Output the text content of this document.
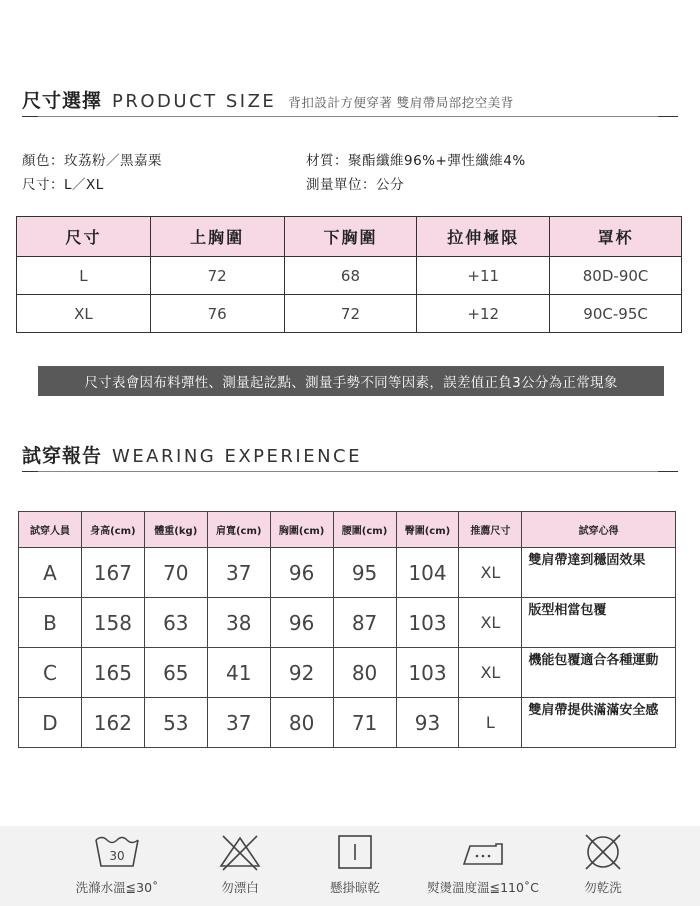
尺寸選擇 PRODUCT SIZE 背扣設計方便穿著 雙肩帶局部挖空美背
顏色：玫荔粉／黑嘉栗
尺寸：L／XL
材質：聚酯纖維96%+彈性纖維4%
測量單位：公分
尺寸	上胸圍	下胸圍	拉伸極限	罩杯
L	72	68	+11	80D-90C
XL	76	72	+12	90C-95C
尺寸表會因布料彈性、測量起訖點、測量手勢不同等因素，誤差值正負3公分為正常現象
試穿報告 WEARING EXPERIENCE
試穿人員	身高(cm)	體重(kg)	肩寬(cm)	胸圍(cm)	腰圍(cm)	臀圍(cm)	推薦尺寸	試穿心得
A	167	70	37	96	95	104	XL	雙肩帶達到穩固效果
B	158	63	38	96	87	103	XL	版型相當包覆
C	165	65	41	92	80	103	XL	機能包覆適合各種運動
D	162	53	37	80	71	93	L	雙肩帶提供滿滿安全感
30
洗滌水溫≦30˚	勿漂白	懸掛晾乾	熨燙溫度溫≦110˚C	勿乾洗
